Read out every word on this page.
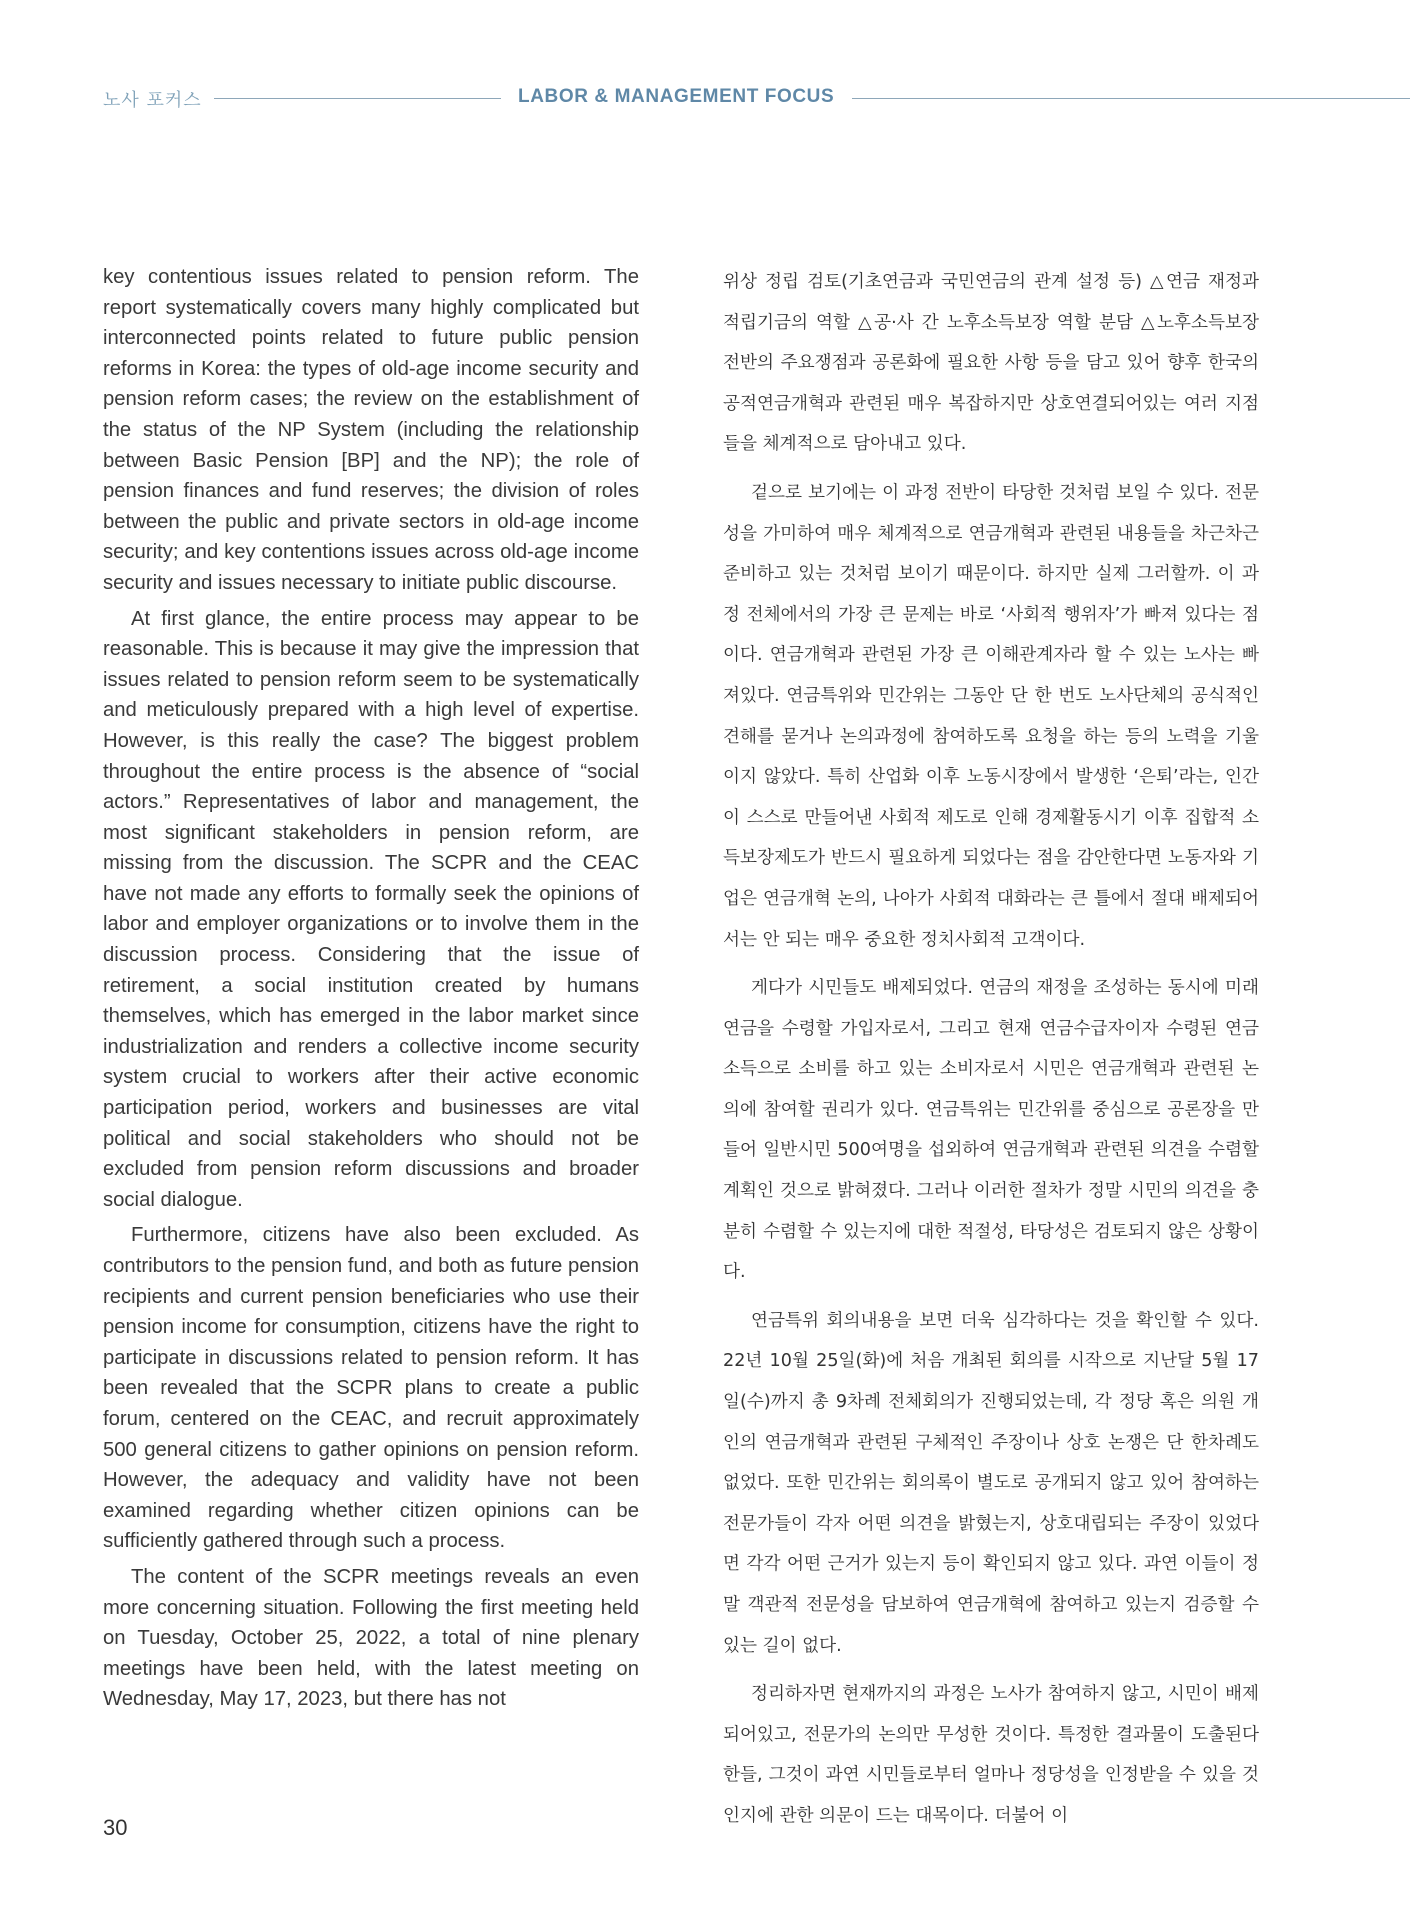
노사 포커스	LABOR & MANAGEMENT FOCUS

key contentious issues related to pension reform. The report systematically covers many highly complicated but interconnected points related to future public pension reforms in Korea: the types of old-age income security and pension reform cases; the review on the establishment of the status of the NP System (including the relationship between Basic Pension [BP] and the NP); the role of pension finances and fund reserves; the division of roles between the public and private sectors in old-age income security; and key contentions issues across old-age income security and issues necessary to initiate public discourse.

At first glance, the entire process may appear to be reasonable. This is because it may give the impression that issues related to pension reform seem to be systematically and meticulously prepared with a high level of expertise. However, is this really the case? The biggest problem throughout the entire process is the absence of “social actors.” Representatives of labor and management, the most significant stakeholders in pension reform, are missing from the discussion. The SCPR and the CEAC have not made any efforts to formally seek the opinions of labor and employer organizations or to involve them in the discussion process. Considering that the issue of retirement, a social institution created by humans themselves, which has emerged in the labor market since industrialization and renders a collective income security system crucial to workers after their active economic participation period, workers and businesses are vital political and social stakeholders who should not be excluded from pension reform discussions and broader social dialogue.

Furthermore, citizens have also been excluded. As contributors to the pension fund, and both as future pension recipients and current pension beneficiaries who use their pension income for consumption, citizens have the right to participate in discussions related to pension reform. It has been revealed that the SCPR plans to create a public forum, centered on the CEAC, and recruit approximately 500 general citizens to gather opinions on pension reform. However, the adequacy and validity have not been examined regarding whether citizen opinions can be sufficiently gathered through such a process.

The content of the SCPR meetings reveals an even more concerning situation. Following the first meeting held on Tuesday, October 25, 2022, a total of nine plenary meetings have been held, with the latest meeting on Wednesday, May 17, 2023, but there has not

위상 정립 검토(기초연금과 국민연금의 관계 설정 등) △연금 재정과 적립기금의 역할 △공·사 간 노후소득보장 역할 분담 △노후소득보장 전반의 주요쟁점과 공론화에 필요한 사항 등을 담고 있어 향후 한국의 공적연금개혁과 관련된 매우 복잡하지만 상호연결되어있는 여러 지점들을 체계적으로 담아내고 있다.

겉으로 보기에는 이 과정 전반이 타당한 것처럼 보일 수 있다. 전문성을 가미하여 매우 체계적으로 연금개혁과 관련된 내용들을 차근차근 준비하고 있는 것처럼 보이기 때문이다. 하지만 실제 그러할까. 이 과정 전체에서의 가장 큰 문제는 바로 ‘사회적 행위자’가 빠져 있다는 점이다. 연금개혁과 관련된 가장 큰 이해관계자라 할 수 있는 노사는 빠져있다. 연금특위와 민간위는 그동안 단 한 번도 노사단체의 공식적인 견해를 묻거나 논의과정에 참여하도록 요청을 하는 등의 노력을 기울이지 않았다. 특히 산업화 이후 노동시장에서 발생한 ‘은퇴’라는, 인간이 스스로 만들어낸 사회적 제도로 인해 경제활동시기 이후 집합적 소득보장제도가 반드시 필요하게 되었다는 점을 감안한다면 노동자와 기업은 연금개혁 논의, 나아가 사회적 대화라는 큰 틀에서 절대 배제되어서는 안 되는 매우 중요한 정치사회적 고객이다.

게다가 시민들도 배제되었다. 연금의 재정을 조성하는 동시에 미래 연금을 수령할 가입자로서, 그리고 현재 연금수급자이자 수령된 연금소득으로 소비를 하고 있는 소비자로서 시민은 연금개혁과 관련된 논의에 참여할 권리가 있다. 연금특위는 민간위를 중심으로 공론장을 만들어 일반시민 500여명을 섭외하여 연금개혁과 관련된 의견을 수렴할 계획인 것으로 밝혀졌다. 그러나 이러한 절차가 정말 시민의 의견을 충분히 수렴할 수 있는지에 대한 적절성, 타당성은 검토되지 않은 상황이다.

연금특위 회의내용을 보면 더욱 심각하다는 것을 확인할 수 있다. 22년 10월 25일(화)에 처음 개최된 회의를 시작으로 지난달 5월 17일(수)까지 총 9차례 전체회의가 진행되었는데, 각 정당 혹은 의원 개인의 연금개혁과 관련된 구체적인 주장이나 상호 논쟁은 단 한차례도 없었다. 또한 민간위는 회의록이 별도로 공개되지 않고 있어 참여하는 전문가들이 각자 어떤 의견을 밝혔는지, 상호대립되는 주장이 있었다면 각각 어떤 근거가 있는지 등이 확인되지 않고 있다. 과연 이들이 정말 객관적 전문성을 담보하여 연금개혁에 참여하고 있는지 검증할 수 있는 길이 없다.

정리하자면 현재까지의 과정은 노사가 참여하지 않고, 시민이 배제되어있고, 전문가의 논의만 무성한 것이다. 특정한 결과물이 도출된다 한들, 그것이 과연 시민들로부터 얼마나 정당성을 인정받을 수 있을 것인지에 관한 의문이 드는 대목이다. 더불어 이

30
